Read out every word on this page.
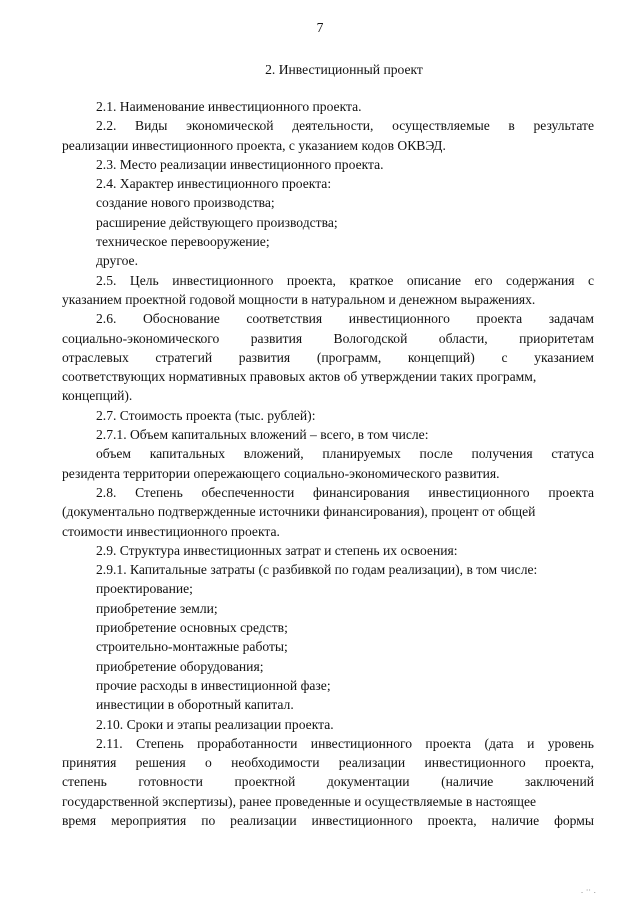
7
2. Инвестиционный проект
2.1. Наименование инвестиционного проекта.
2.2. Виды экономической деятельности, осуществляемые в результате
реализации инвестиционного проекта, с указанием кодов ОКВЭД.
2.3. Место реализации инвестиционного проекта.
2.4. Характер инвестиционного проекта:
создание нового производства;
расширение действующего производства;
техническое перевооружение;
другое.
2.5. Цель инвестиционного проекта, краткое описание его содержания с
указанием проектной годовой мощности в натуральном и денежном выражениях.
2.6. Обоснование соответствия инвестиционного проекта задачам
социально-экономического развития Вологодской области, приоритетам
отраслевых стратегий развития (программ, концепций) с указанием
соответствующих нормативных правовых актов об утверждении таких программ,
концепций).
2.7. Стоимость проекта (тыс. рублей):
2.7.1. Объем капитальных вложений – всего, в том числе:
объем капитальных вложений, планируемых после получения статуса
резидента территории опережающего социально-экономического развития.
2.8. Степень обеспеченности финансирования инвестиционного проекта
(документально подтвержденные источники финансирования), процент от общей
стоимости инвестиционного проекта.
2.9. Структура инвестиционных затрат и степень их освоения:
2.9.1. Капитальные затраты (с разбивкой по годам реализации), в том числе:
проектирование;
приобретение земли;
приобретение основных средств;
строительно-монтажные работы;
приобретение оборудования;
прочие расходы в инвестиционной фазе;
инвестиции в оборотный капитал.
2.10. Сроки и этапы реализации проекта.
2.11. Степень проработанности инвестиционного проекта (дата и уровень
принятия решения о необходимости реализации инвестиционного проекта,
степень готовности проектной документации (наличие заключений
государственной экспертизы), ранее проведенные и осуществляемые в настоящее
время мероприятия по реализации инвестиционного проекта, наличие формы
. ·· .
